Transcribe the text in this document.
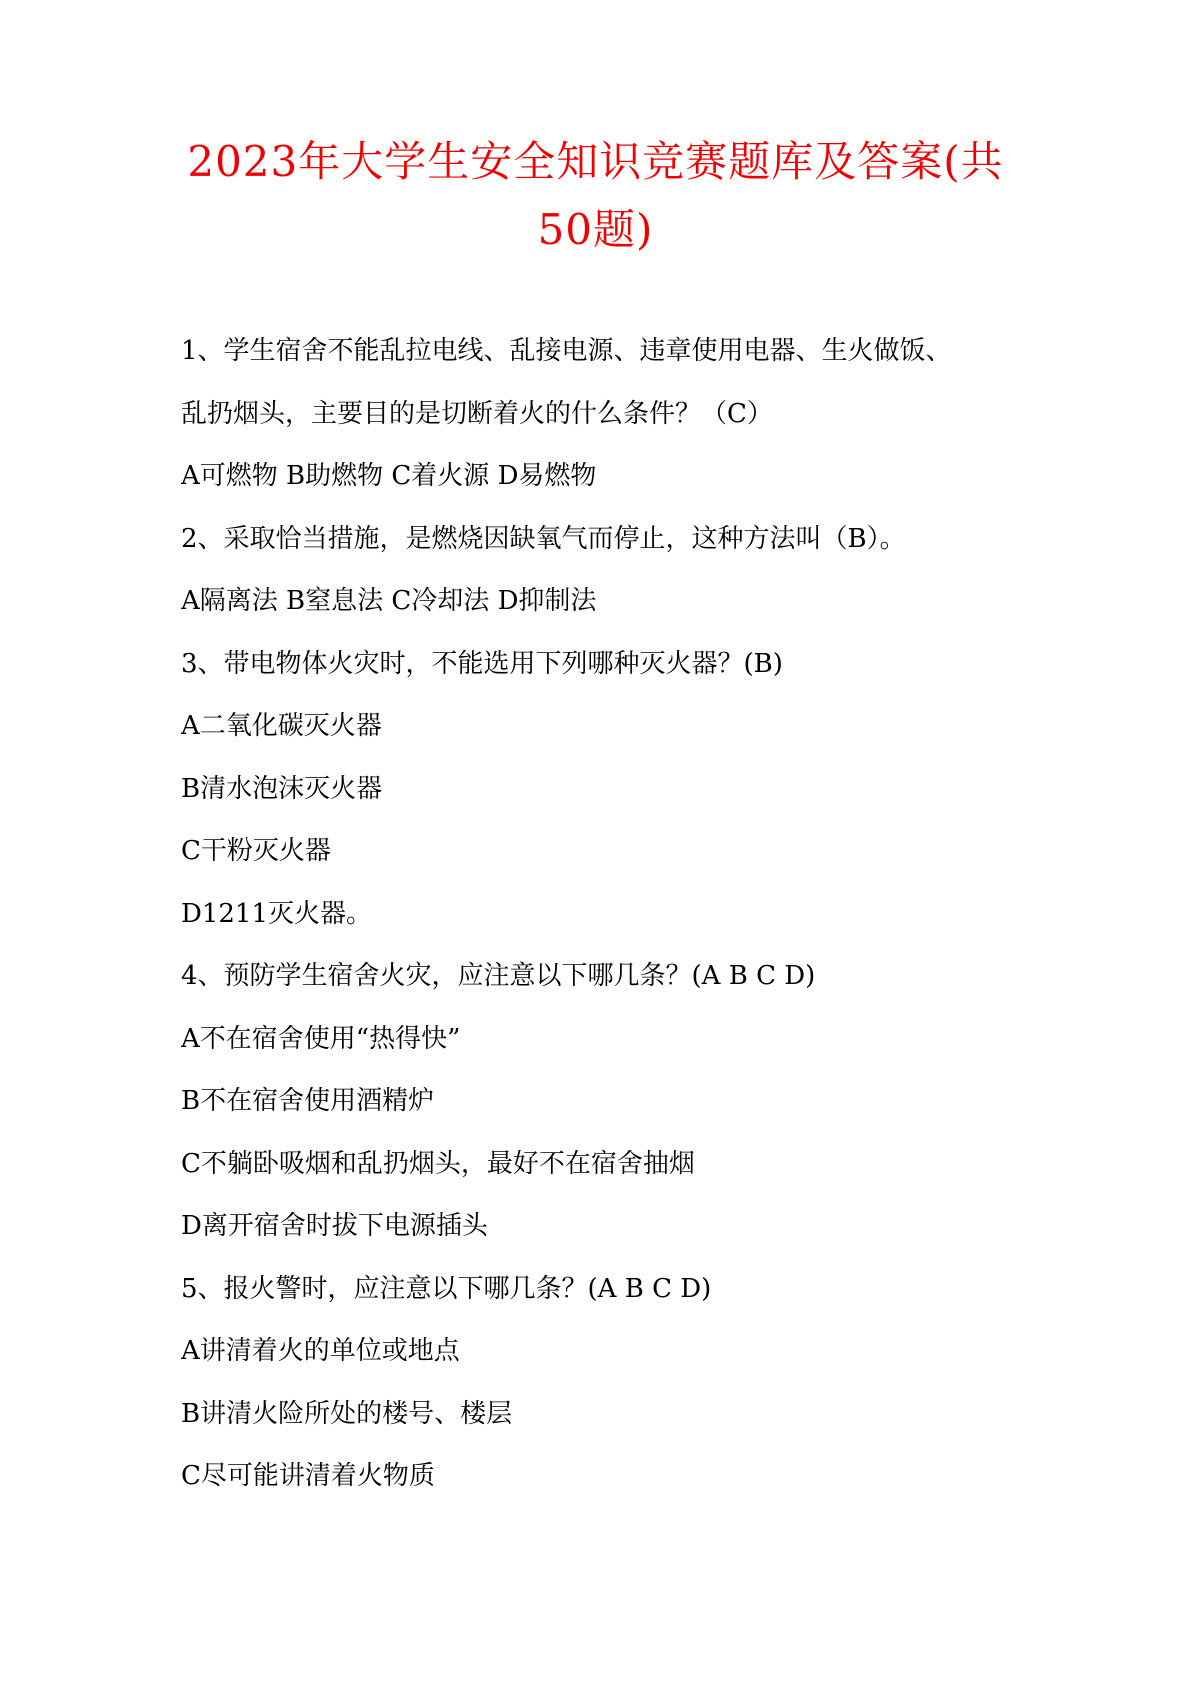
2023年大学生安全知识竞赛题库及答案(共
50题)
1、学生宿舍不能乱拉电线、乱接电源、违章使用电器、生火做饭、
乱扔烟头，主要目的是切断着火的什么条件？（C）
A可燃物 B助燃物 C着火源 D易燃物
2、采取恰当措施，是燃烧因缺氧气而停止，这种方法叫（B）。
A隔离法 B窒息法 C冷却法 D抑制法
3、带电物体火灾时，不能选用下列哪种灭火器？(B)
A二氧化碳灭火器
B清水泡沫灭火器
C干粉灭火器
D1211灭火器。
4、预防学生宿舍火灾，应注意以下哪几条？(A B C D)
A不在宿舍使用“热得快”
B不在宿舍使用酒精炉
C不躺卧吸烟和乱扔烟头，最好不在宿舍抽烟
D离开宿舍时拔下电源插头
5、报火警时，应注意以下哪几条？(A B C D)
A讲清着火的单位或地点
B讲清火险所处的楼号、楼层
C尽可能讲清着火物质
